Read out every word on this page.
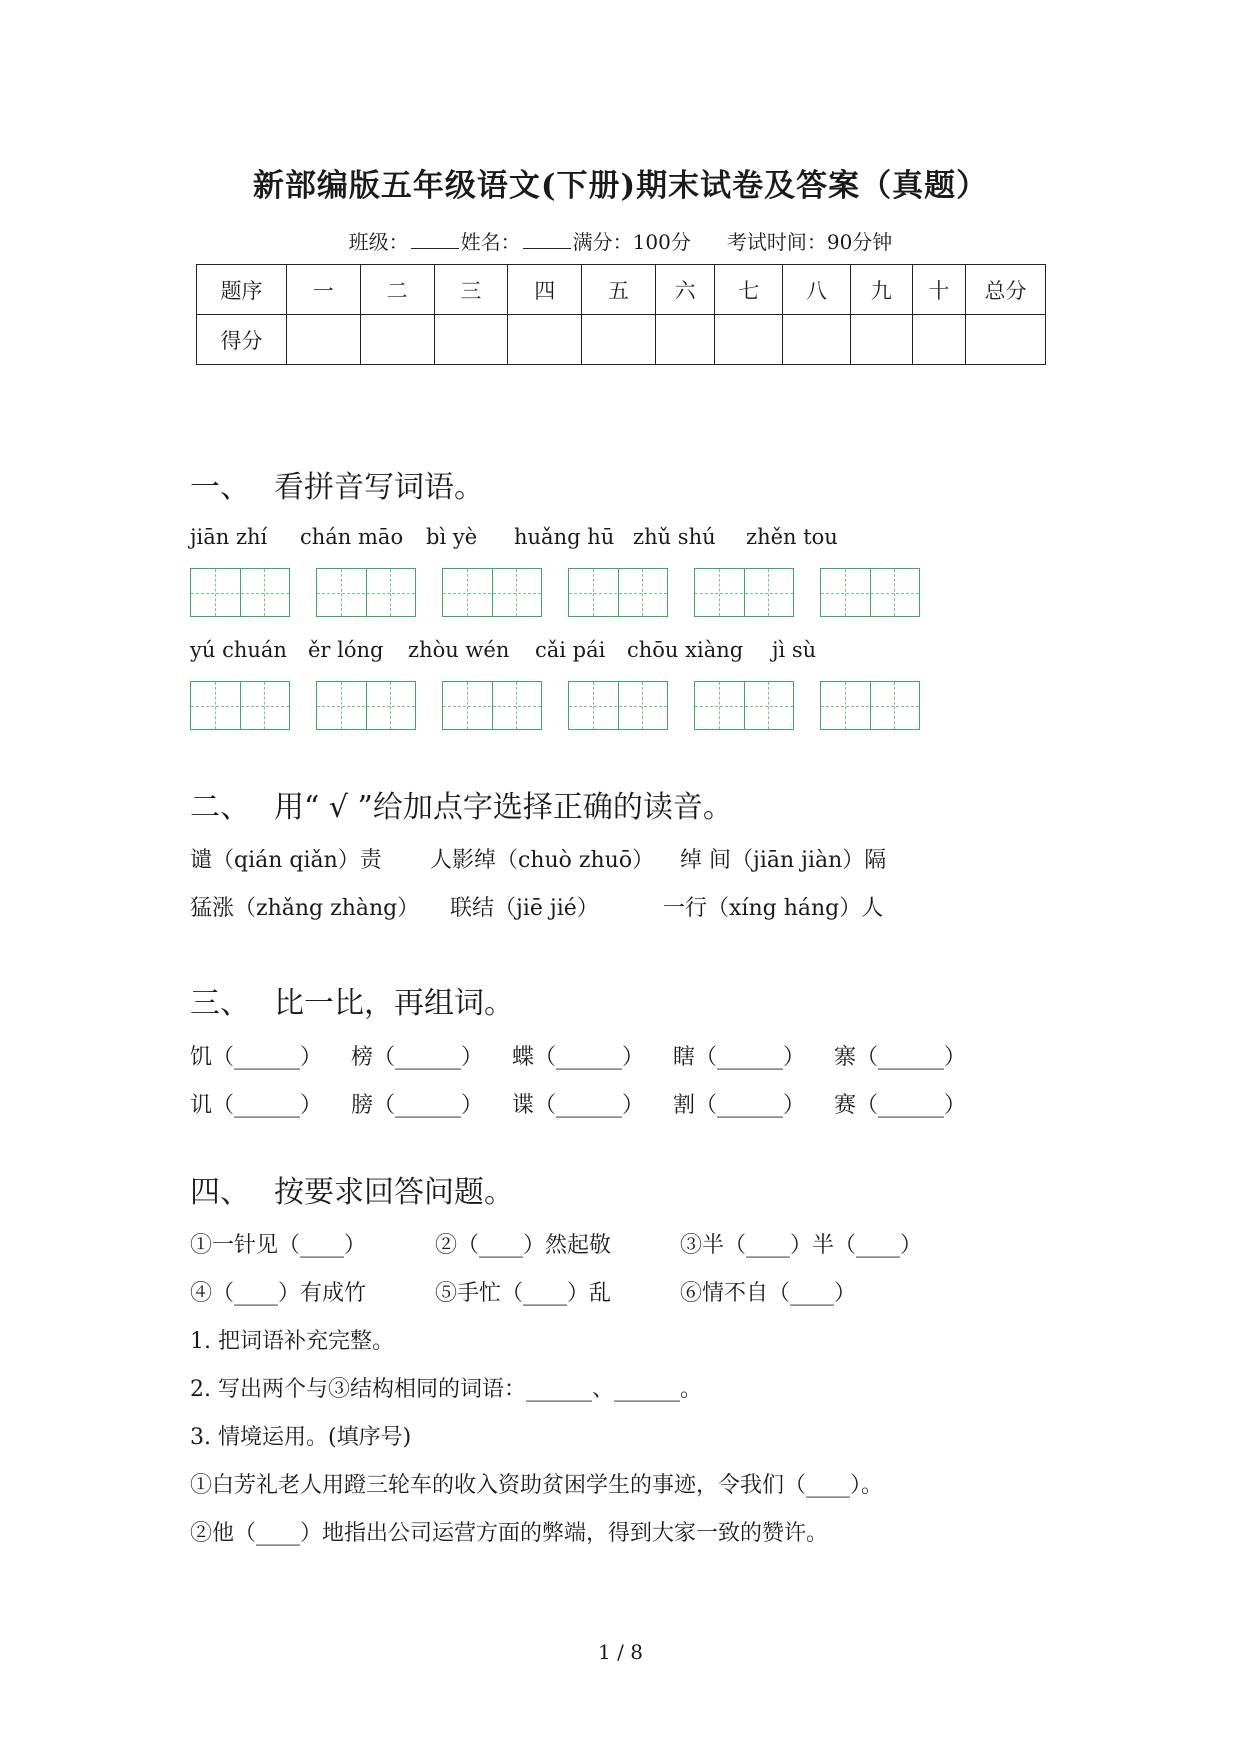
新部编版五年级语文(下册)期末试卷及答案（真题）
班级：	姓名：	满分：100分 考试时间：90分钟
题序	一	二	三	四	五	六	七	八	九	十	总分
得分											
一、 看拼音写词语。
jiān zhí chán māo bì yè huǎng hū zhǔ shú zhěn tou
yú chuán ěr lóng zhòu wén cǎi pái chōu xiàng jì sù
二、 用“ √ ”给加点字选择正确的读音。
谴（qián qiǎn）责 人影绰（chuò zhuō） 绰 间（jiān jiàn）隔
猛涨（zhǎng zhàng） 联结（jiē jié）	一行（xíng háng）人
三、 比一比，再组词。
饥（______） 榜（______） 蝶（______） 瞎（______） 寨（______）
讥（______） 膀（______） 谍（______） 割（______） 赛（______）
四、 按要求回答问题。
①一针见（____）	②（____）然起敬	③半（____）半（____）
④（____）有成竹	⑤手忙（____）乱	⑥情不自（____）
1. 把词语补充完整。
2. 写出两个与③结构相同的词语：______、______。
3. 情境运用。(填序号)
①白芳礼老人用蹬三轮车的收入资助贫困学生的事迹，令我们（____）。
②他（____）地指出公司运营方面的弊端，得到大家一致的赞许。
1 / 8
